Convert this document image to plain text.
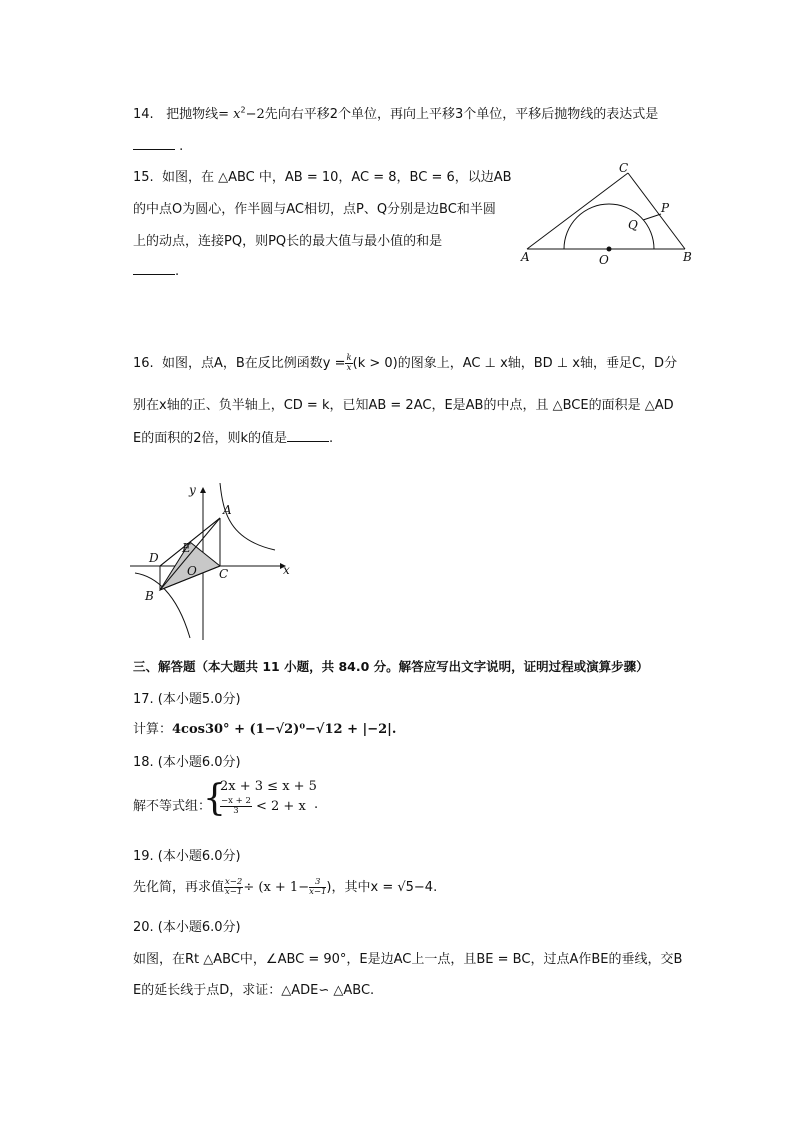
14. 把抛物线= $x^2-2$先向右平移2个单位，再向上平移3个单位，平移后抛物线的表达式是
.
15. 如图，在 △ABC 中，AB = 10，AC = 8，BC = 6，以边AB
的中点O为圆心，作半圆与AC相切，点P、Q分别是边BC和半圆
上的动点，连接PQ，则PQ长的最大值与最小值的和是
.
C
P
Q
A	O	B
16. 如图，点A，B在反比例函数$y = \frac{k}{x} (k > 0)$的图象上，AC ⊥ x轴，BD ⊥ x轴，垂足C，D分
别在x轴的正、负半轴上，CD = k，已知AB = 2AC，E是AB的中点，且 △BCE的面积是 △AD
E的面积的2倍，则k的值是	.
y
x
A
D
E
O C
B
三、解答题（本大题共 11 小题，共 84.0 分。解答应写出文字说明，证明过程或演算步骤）
17. (本小题5.0分)
计算：4cos30° + (1−√2)⁰−√12 + |−2|.
18. (本小题6.0分)
解不等式组：
{
2x + 3 ≤ x + 5
$\frac{-x + 2}{3} < 2 + x$ .
19. (本小题6.0分)
先化简，再求值 $\frac{x-2}{x-1} \div (x + 1- \frac{3}{x-1}$ )，其中x = √5−4.
20. (本小题6.0分)
如图，在Rt △ABC中，∠ABC = 90°，E是边AC上一点，且BE = BC，过点A作BE的垂线，交B
E的延长线于点D，求证：△ADE∽ △ABC.
